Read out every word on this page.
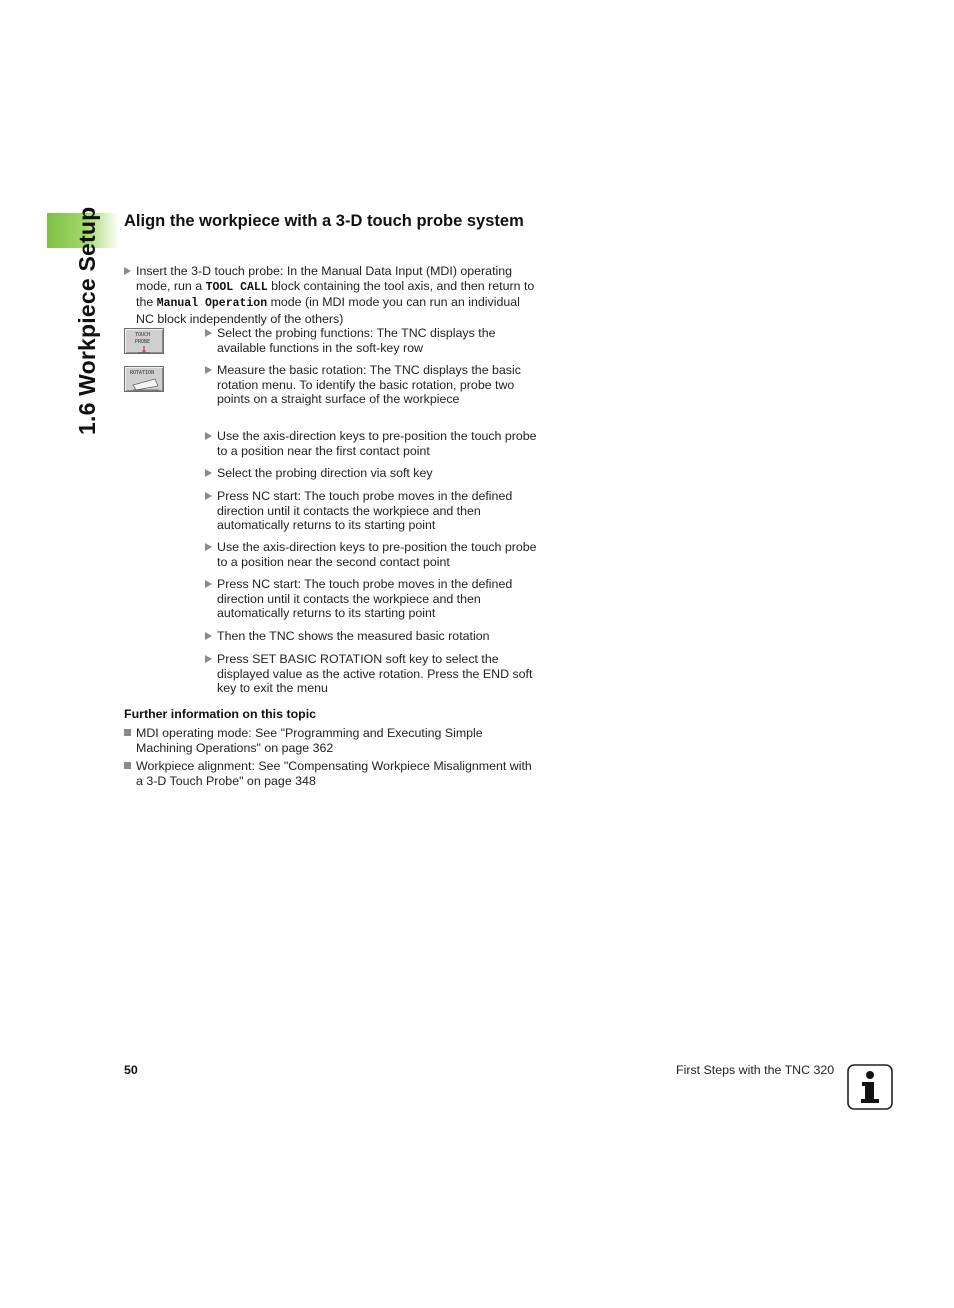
1.6 Workpiece Setup Align the workpiece with a 3-D touch probe system
Insert the 3-D touch probe: In the Manual Data Input (MDI) operating mode, run a TOOL CALL block containing the tool axis, and then return to the Manual Operation mode (in MDI mode you can run an individual NC block independently of the others)
TOUCH
PROBE
ROTATION
Select the probing functions: The TNC displays the available functions in the soft-key row
Measure the basic rotation: The TNC displays the basic rotation menu. To identify the basic rotation, probe two points on a straight surface of the workpiece
Use the axis-direction keys to pre-position the touch probe to a position near the first contact point
Select the probing direction via soft key
Press NC start: The touch probe moves in the defined direction until it contacts the workpiece and then automatically returns to its starting point
Use the axis-direction keys to pre-position the touch probe to a position near the second contact point
Press NC start: The touch probe moves in the defined direction until it contacts the workpiece and then automatically returns to its starting point
Then the TNC shows the measured basic rotation
Press SET BASIC ROTATION soft key to select the displayed value as the active rotation. Press the END soft key to exit the menu
Further information on this topic
MDI operating mode: See "Programming and Executing Simple Machining Operations" on page 362
Workpiece alignment: See "Compensating Workpiece Misalignment with a 3-D Touch Probe" on page 348
50	First Steps with the TNC 320
